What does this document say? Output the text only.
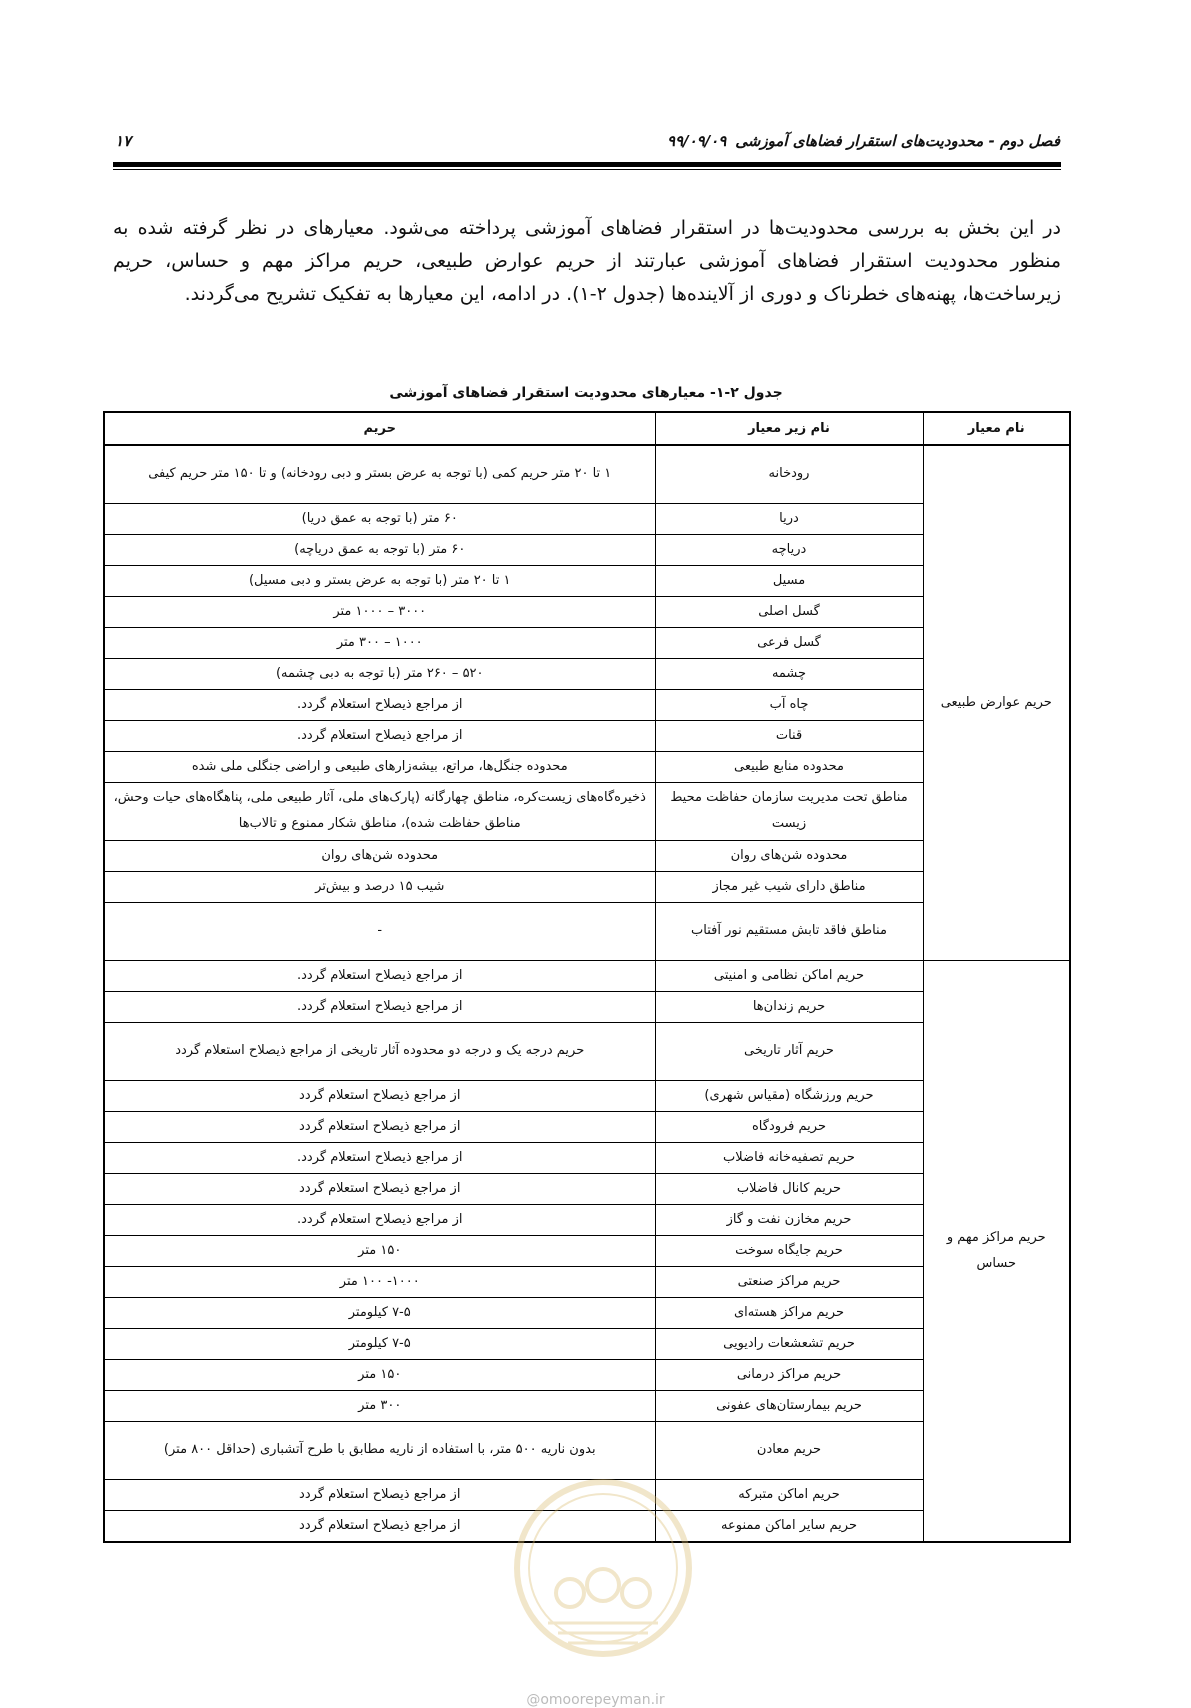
فصل دوم - محدودیت‌های استقرار فضاهای آموزشی
۹۹/۰۹/۰۹
۱۷

در این بخش به بررسی محدودیت‌ها در استقرار فضاهای آموزشی پرداخته می‌شود. معیارهای در نظر گرفته شده به منظور محدودیت استقرار فضاهای آموزشی عبارتند از حریم عوارض طبیعی، حریم مراکز مهم و حساس، حریم زیرساخت‌ها، پهنه‌های خطرناک و دوری از آلاینده‌ها (جدول ۲-۱). در ادامه، این معیارها به تفکیک تشریح می‌گردند.

جدول ۲-۱- معیارهای محدودیت استقرار فضاهای آموزشی
نام معیار	نام زیر معیار	حریم
حریم عوارض طبیعی	رودخانه	۱ تا ۲۰ متر حریم کمی (با توجه به عرض بستر و دبی رودخانه) و تا ۱۵۰ متر حریم کیفی
	دریا	۶۰ متر (با توجه به عمق دریا)
	دریاچه	۶۰ متر (با توجه به عمق دریاچه)
	مسیل	۱ تا ۲۰ متر (با توجه به عرض بستر و دبی مسیل)
	گسل اصلی	۳۰۰۰ – ۱۰۰۰ متر
	گسل فرعی	۱۰۰۰ – ۳۰۰ متر
	چشمه	۵۲۰ – ۲۶۰ متر (با توجه به دبی چشمه)
	چاه آب	از مراجع ذیصلاح استعلام گردد.
	قنات	از مراجع ذیصلاح استعلام گردد.
	محدوده منابع طبیعی	محدوده جنگل‌ها، مراتع، بیشه‌زارهای طبیعی و اراضی جنگلی ملی شده
	مناطق تحت مدیریت سازمان حفاظت محیط زیست	ذخیره‌گاه‌های زیست‌کره، مناطق چهارگانه (پارک‌های ملی، آثار طبیعی ملی، پناهگاه‌های حیات وحش، مناطق حفاظت شده)، مناطق شکار ممنوع و تالاب‌ها
	محدوده شن‌های روان	محدوده شن‌های روان
	مناطق دارای شیب غیر مجاز	شیب ۱۵ درصد و بیش‌تر
	مناطق فاقد تابش مستقیم نور آفتاب	-
حریم مراکز مهم و حساس	حریم اماکن نظامی و امنیتی	از مراجع ذیصلاح استعلام گردد.
	حریم زندان‌ها	از مراجع ذیصلاح استعلام گردد.
	حریم آثار تاریخی	حریم درجه یک و درجه دو محدوده آثار تاریخی از مراجع ذیصلاح استعلام گردد
	حریم ورزشگاه (مقیاس شهری)	از مراجع ذیصلاح استعلام گردد
	حریم فرودگاه	از مراجع ذیصلاح استعلام گردد
	حریم تصفیه‌خانه فاضلاب	از مراجع ذیصلاح استعلام گردد.
	حریم کانال فاضلاب	از مراجع ذیصلاح استعلام گردد
	حریم مخازن نفت و گاز	از مراجع ذیصلاح استعلام گردد.
	حریم جایگاه سوخت	۱۵۰ متر
	حریم مراکز صنعتی	۱۰۰۰- ۱۰۰ متر
	حریم مراکز هسته‌ای	۷-۵ کیلومتر
	حریم تشعشعات رادیویی	۷-۵ کیلومتر
	حریم مراکز درمانی	۱۵۰ متر
	حریم بیمارستان‌های عفونی	۳۰۰ متر
	حریم معادن	بدون ناریه ۵۰۰ متر، با استفاده از ناریه مطابق با طرح آتشباری (حداقل ۸۰۰ متر)
	حریم اماکن متبرکه	از مراجع ذیصلاح استعلام گردد
	حریم سایر اماکن ممنوعه	از مراجع ذیصلاح استعلام گردد
@omoorepeyman.ir
